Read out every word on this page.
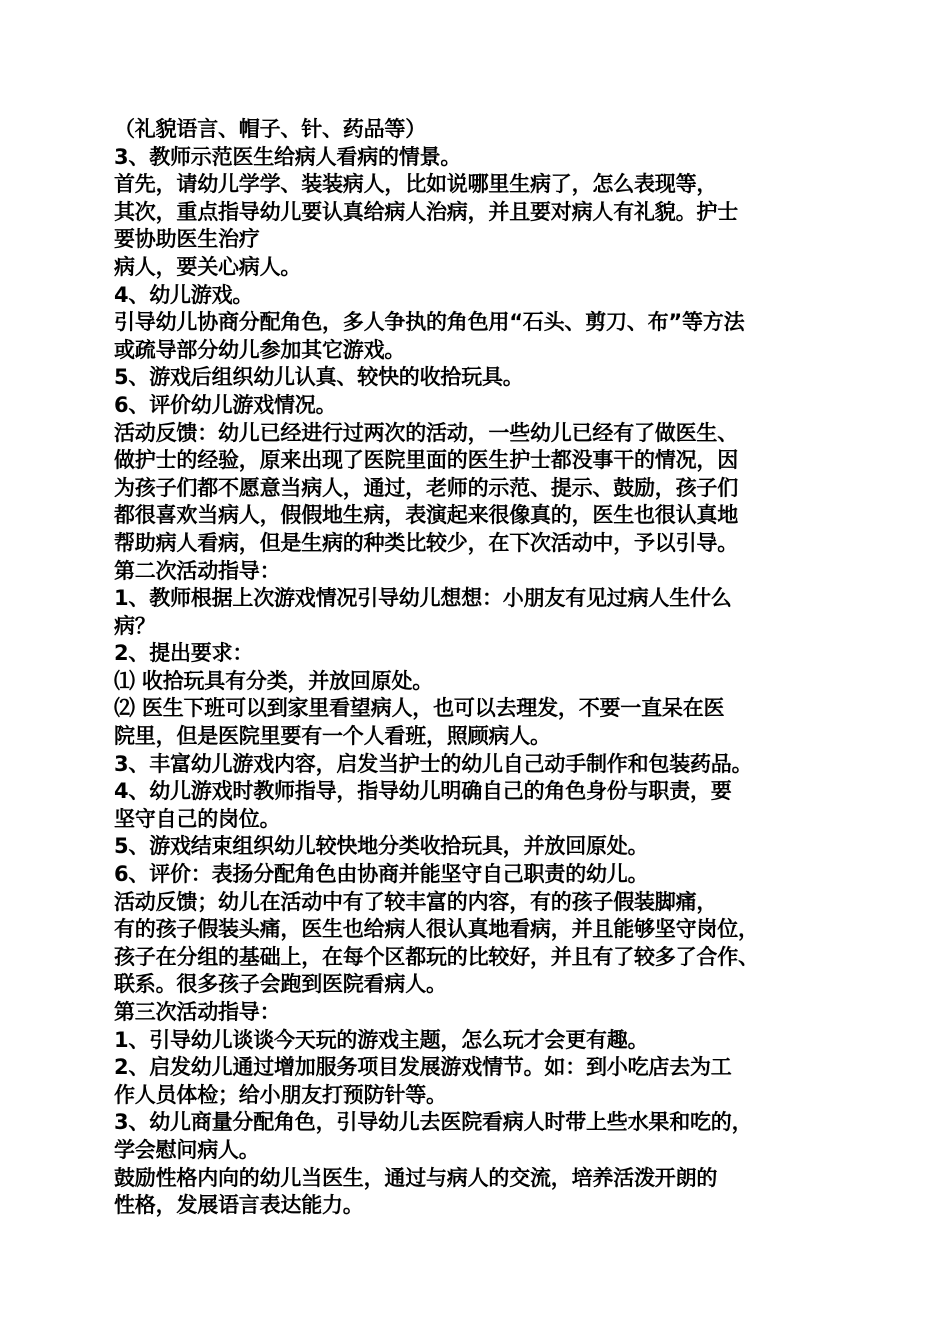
（礼貌语言、帽子、针、药品等）
3、教师示范医生给病人看病的情景。
首先，请幼儿学学、装装病人，比如说哪里生病了，怎么表现等，
其次，重点指导幼儿要认真给病人治病，并且要对病人有礼貌。护士
要协助医生治疗
病人，要关心病人。
4、幼儿游戏。
引导幼儿协商分配角色，多人争执的角色用“石头、剪刀、布”等方法
或疏导部分幼儿参加其它游戏。
5、游戏后组织幼儿认真、较快的收拾玩具。
6、评价幼儿游戏情况。
活动反馈：幼儿已经进行过两次的活动，一些幼儿已经有了做医生、
做护士的经验，原来出现了医院里面的医生护士都没事干的情况，因
为孩子们都不愿意当病人，通过，老师的示范、提示、鼓励，孩子们
都很喜欢当病人，假假地生病，表演起来很像真的，医生也很认真地
帮助病人看病，但是生病的种类比较少，在下次活动中，予以引导。
第二次活动指导：
1、教师根据上次游戏情况引导幼儿想想：小朋友有见过病人生什么
病？
2、提出要求：
⑴ 收拾玩具有分类，并放回原处。
⑵ 医生下班可以到家里看望病人，也可以去理发，不要一直呆在医
院里，但是医院里要有一个人看班，照顾病人。
3、丰富幼儿游戏内容，启发当护士的幼儿自己动手制作和包装药品。
4、幼儿游戏时教师指导，指导幼儿明确自己的角色身份与职责，要
坚守自己的岗位。
5、游戏结束组织幼儿较快地分类收拾玩具，并放回原处。
6、评价：表扬分配角色由协商并能坚守自己职责的幼儿。
活动反馈；幼儿在活动中有了较丰富的内容，有的孩子假装脚痛，
有的孩子假装头痛，医生也给病人很认真地看病，并且能够坚守岗位，
孩子在分组的基础上，在每个区都玩的比较好，并且有了较多了合作、
联系。很多孩子会跑到医院看病人。
第三次活动指导：
1、引导幼儿谈谈今天玩的游戏主题，怎么玩才会更有趣。
2、启发幼儿通过增加服务项目发展游戏情节。如：到小吃店去为工
作人员体检；给小朋友打预防针等。
3、幼儿商量分配角色，引导幼儿去医院看病人时带上些水果和吃的，
学会慰问病人。
鼓励性格内向的幼儿当医生，通过与病人的交流，培养活泼开朗的
性格，发展语言表达能力。
